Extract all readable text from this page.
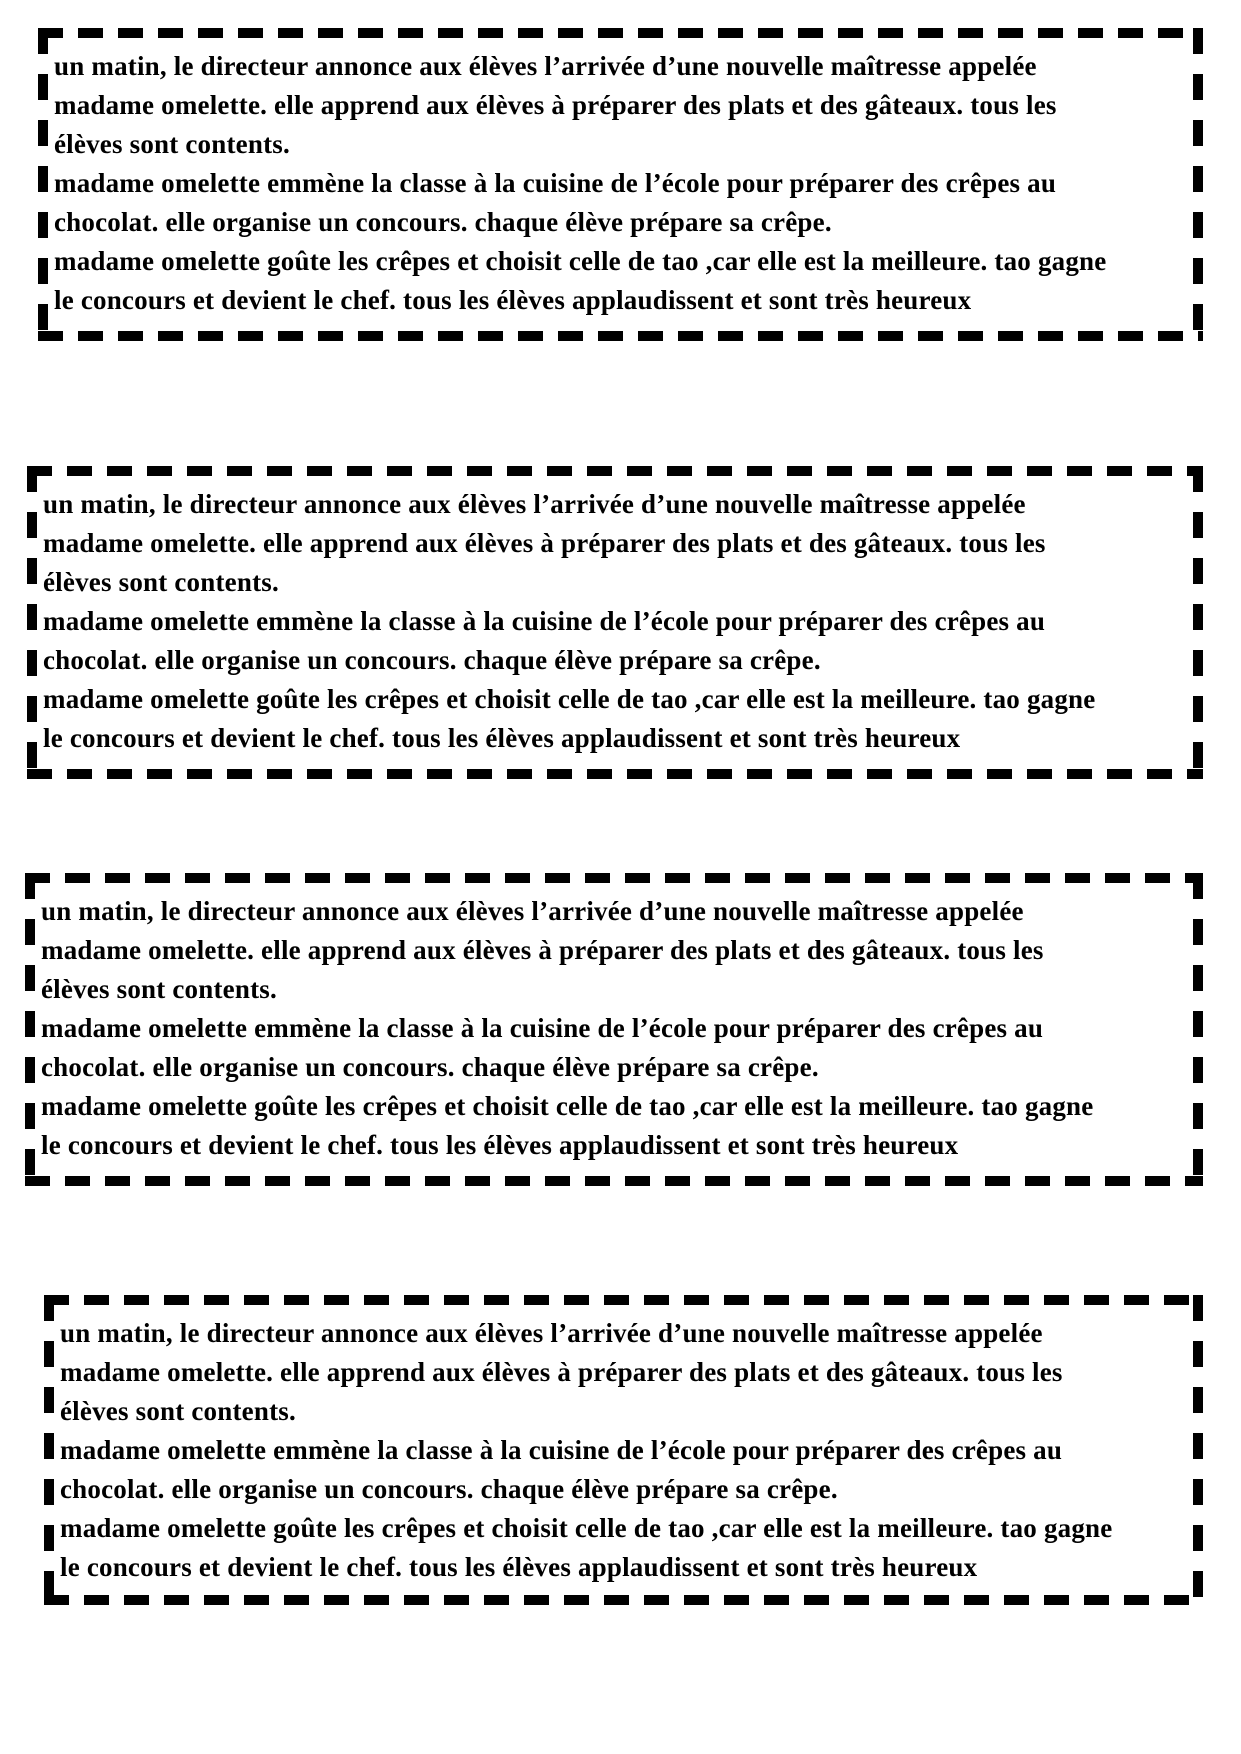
un matin, le directeur annonce aux élèves l’arrivée d’une nouvelle maîtresse appelée
madame omelette. elle apprend aux élèves à préparer des plats et des gâteaux. tous les
élèves sont contents.
madame omelette emmène la classe à la cuisine de l’école pour préparer des crêpes au
chocolat. elle organise un concours. chaque élève prépare sa crêpe.
madame omelette goûte les crêpes et choisit celle de tao ,car elle est la meilleure. tao gagne
le concours et devient le chef. tous les élèves applaudissent et sont très heureux
un matin, le directeur annonce aux élèves l’arrivée d’une nouvelle maîtresse appelée
madame omelette. elle apprend aux élèves à préparer des plats et des gâteaux. tous les
élèves sont contents.
madame omelette emmène la classe à la cuisine de l’école pour préparer des crêpes au
chocolat. elle organise un concours. chaque élève prépare sa crêpe.
madame omelette goûte les crêpes et choisit celle de tao ,car elle est la meilleure. tao gagne
le concours et devient le chef. tous les élèves applaudissent et sont très heureux
un matin, le directeur annonce aux élèves l’arrivée d’une nouvelle maîtresse appelée
madame omelette. elle apprend aux élèves à préparer des plats et des gâteaux. tous les
élèves sont contents.
madame omelette emmène la classe à la cuisine de l’école pour préparer des crêpes au
chocolat. elle organise un concours. chaque élève prépare sa crêpe.
madame omelette goûte les crêpes et choisit celle de tao ,car elle est la meilleure. tao gagne
le concours et devient le chef. tous les élèves applaudissent et sont très heureux
un matin, le directeur annonce aux élèves l’arrivée d’une nouvelle maîtresse appelée
madame omelette. elle apprend aux élèves à préparer des plats et des gâteaux. tous les
élèves sont contents.
madame omelette emmène la classe à la cuisine de l’école pour préparer des crêpes au
chocolat. elle organise un concours. chaque élève prépare sa crêpe.
madame omelette goûte les crêpes et choisit celle de tao ,car elle est la meilleure. tao gagne
le concours et devient le chef. tous les élèves applaudissent et sont très heureux
